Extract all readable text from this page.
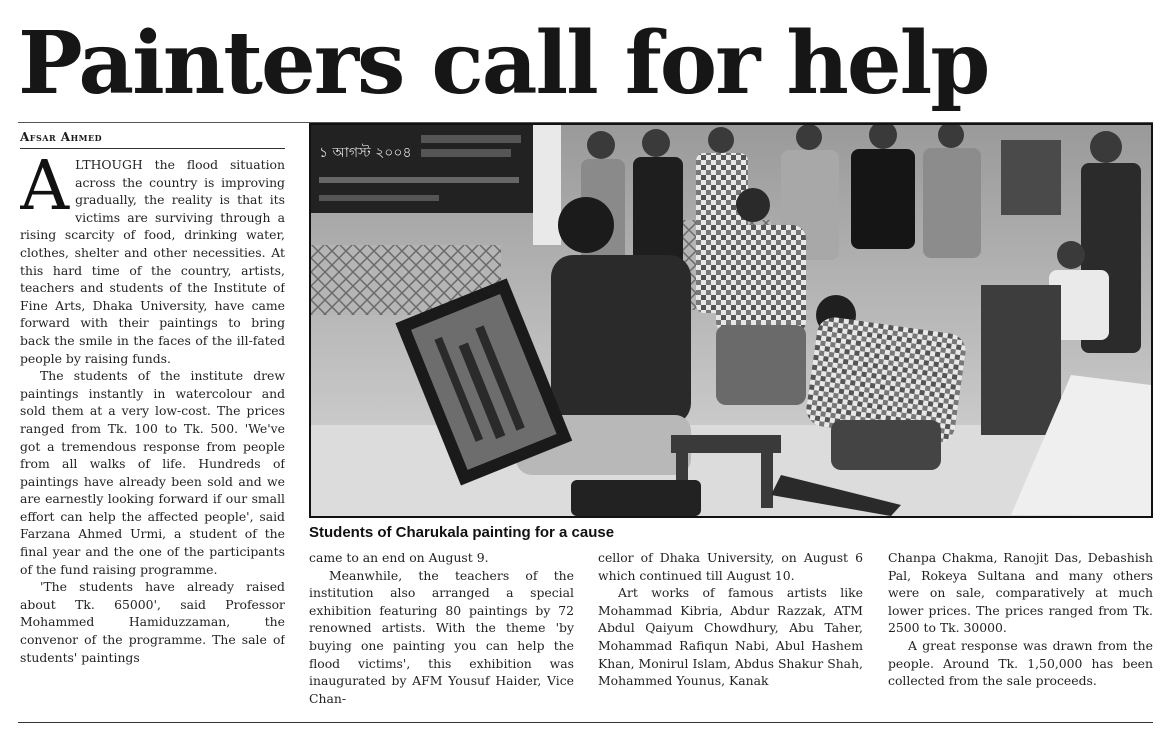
Painters call for help
Afsar Ahmed
A LTHOUGH the flood situation across the country is improving gradually, the reality is that its victims are surviving through a rising scarcity of food, drinking water, clothes, shelter and other necessities. At this hard time of the country, artists, teachers and students of the Institute of Fine Arts, Dhaka University, have came forward with their paintings to bring back the smile in the faces of the ill-fated people by raising funds.

The students of the institute drew paintings instantly in watercolour and sold them at a very low-cost. The prices ranged from Tk. 100 to Tk. 500. 'We've got a tremendous response from people from all walks of life. Hundreds of paintings have already been sold and we are earnestly looking forward if our small effort can help the affected people', said Farzana Ahmed Urmi, a student of the final year and the one of the participants of the fund raising programme.

'The students have already raised about Tk. 65000', said Professor Mohammed Hamiduzzaman, the convenor of the programme. The sale of students' paintings

১ আগস্ট ২০০৪
Students of Charukala painting for a cause

came to an end on August 9.

Meanwhile, the teachers of the institution also arranged a special exhibition featuring 80 paintings by 72 renowned artists. With the theme 'by buying one painting you can help the flood victims', this exhibition was inaugurated by AFM Yousuf Haider, Vice Chan-

cellor of Dhaka University, on August 6 which continued till August 10.

Art works of famous artists like Mohammad Kibria, Abdur Razzak, ATM Abdul Qaiyum Chowdhury, Abu Taher, Mohammad Rafiqun Nabi, Abul Hashem Khan, Monirul Islam, Abdus Shakur Shah, Mohammed Younus, Kanak

Chanpa Chakma, Ranojit Das, Debashish Pal, Rokeya Sultana and many others were on sale, comparatively at much lower prices. The prices ranged from Tk. 2500 to Tk. 30000.

A great response was drawn from the people. Around Tk. 1,50,000 has been collected from the sale proceeds.
